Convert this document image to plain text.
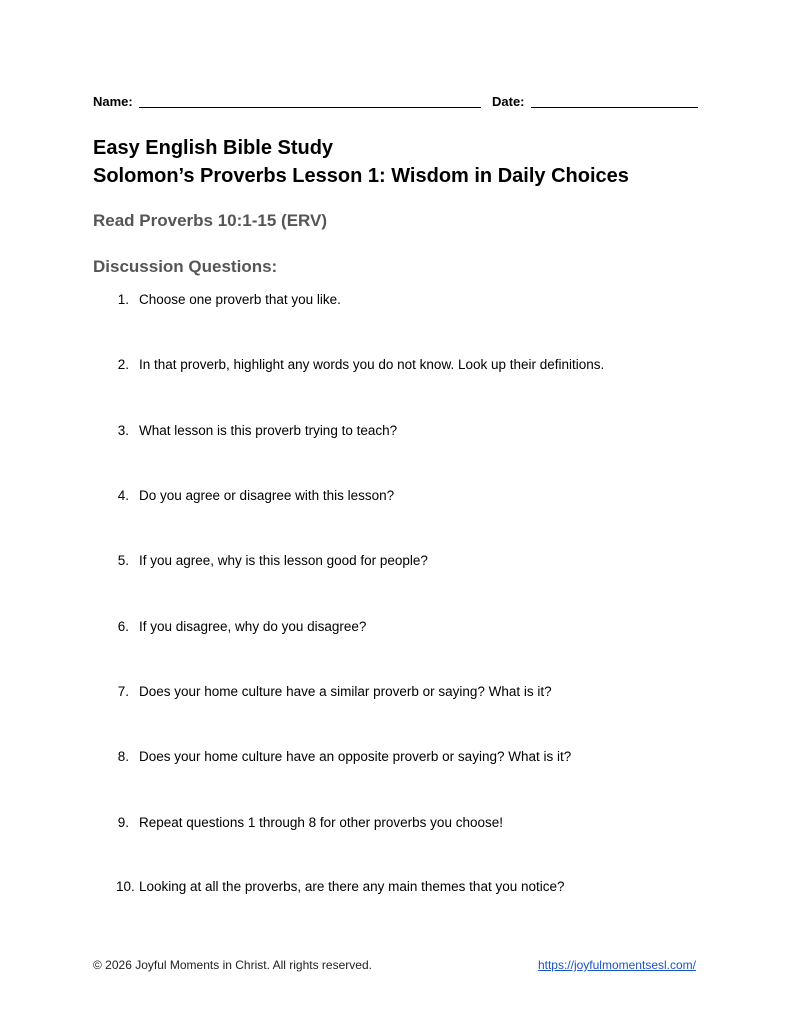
Name:	Date:
Easy English Bible Study
Solomon’s Proverbs Lesson 1: Wisdom in Daily Choices
Read Proverbs 10:1-15 (ERV)
Discussion Questions:
1. Choose one proverb that you like.
2. In that proverb, highlight any words you do not know. Look up their definitions.
3. What lesson is this proverb trying to teach?
4. Do you agree or disagree with this lesson?
5. If you agree, why is this lesson good for people?
6. If you disagree, why do you disagree?
7. Does your home culture have a similar proverb or saying? What is it?
8. Does your home culture have an opposite proverb or saying? What is it?
9. Repeat questions 1 through 8 for other proverbs you choose!
10. Looking at all the proverbs, are there any main themes that you notice?
© 2026 Joyful Moments in Christ. All rights reserved.	https://joyfulmomentsesl.com/
